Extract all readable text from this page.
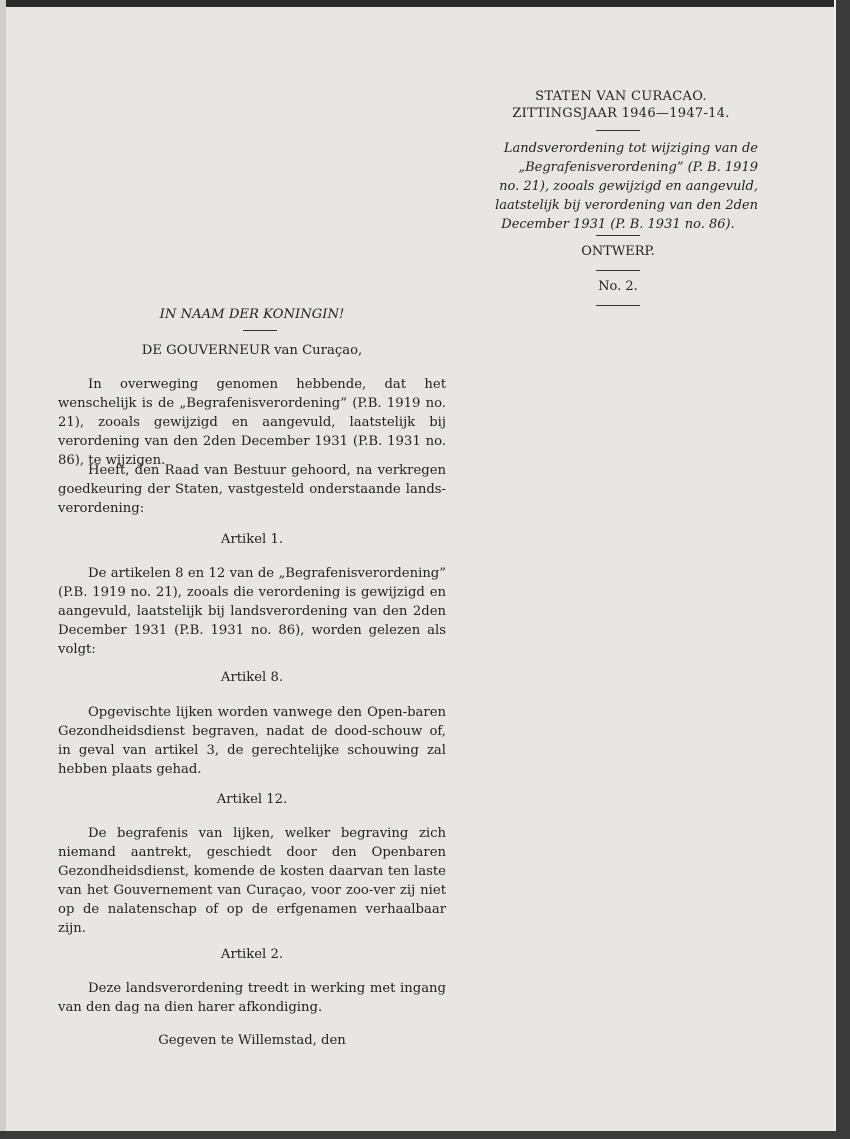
STATEN VAN CURACAO.
ZITTINGSJAAR 1946—1947-14.
Landsverordening tot wijziging van de
„Begrafenisverordening” (P. B. 1919
no. 21), zooals gewijzigd en aangevuld,
laatstelijk bij verordening van den 2den
December 1931 (P. B. 1931 no. 86).
ONTWERP.
No. 2.
IN NAAM DER KONINGIN!
DE GOUVERNEUR van Curaçao,
In overweging genomen hebbende, dat het wenschelijk is de „Begrafenisverordening” (P.B. 1919 no. 21), zooals gewijzigd en aangevuld, laatstelijk bij verordening van den 2den December 1931 (P.B. 1931 no. 86), te wijzigen.
Heeft, den Raad van Bestuur gehoord, na verkregen goedkeuring der Staten, vastgesteld onderstaande lands-verordening:
Artikel 1.
De artikelen 8 en 12 van de „Begrafenisverordening” (P.B. 1919 no. 21), zooals die verordening is gewijzigd en aangevuld, laatstelijk bij landsverordening van den 2den December 1931 (P.B. 1931 no. 86), worden gelezen als volgt:
Artikel 8.
Opgevischte lijken worden vanwege den Open-baren Gezondheidsdienst begraven, nadat de dood-schouw of, in geval van artikel 3, de gerechtelijke schouwing zal hebben plaats gehad.
Artikel 12.
De begrafenis van lijken, welker begraving zich niemand aantrekt, geschiedt door den Openbaren Gezondheidsdienst, komende de kosten daarvan ten laste van het Gouvernement van Curaçao, voor zoo-ver zij niet op de nalatenschap of op de erfgenamen verhaalbaar zijn.
Artikel 2.
Deze landsverordening treedt in werking met ingang van den dag na dien harer afkondiging.
Gegeven te Willemstad, den
